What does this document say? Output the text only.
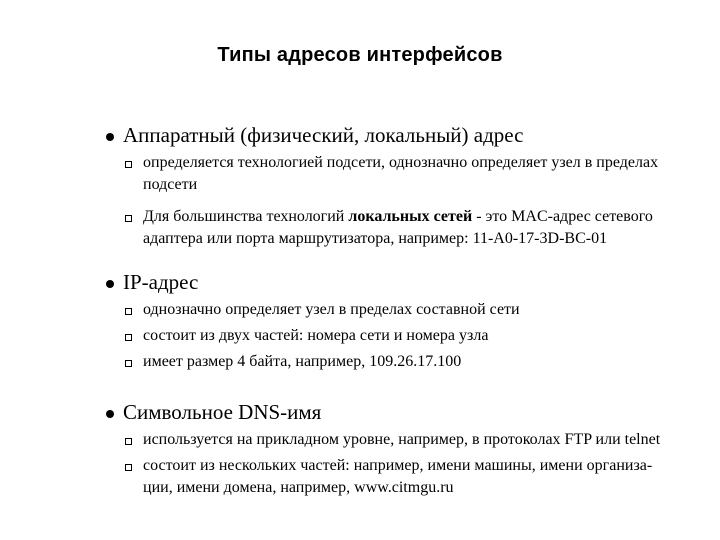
Типы адресов интерфейсов
Аппаратный (физический, локальный) адрес
определяется технологией подсети, однозначно определяет узел в пределах
подсети
Для большинства технологий локальных сетей - это MAC-адрес сетевого
адаптера или порта маршрутизатора, например: 11-A0-17-3D-BC-01
IP-адрес
однозначно определяет узел в пределах составной сети
состоит из двух частей: номера сети и номера узла
имеет размер 4 байта, например, 109.26.17.100
Символьное DNS-имя
используется на прикладном уровне, например, в протоколах FTP или telnet
состоит из нескольких частей: например, имени машины, имени организа-
ции, имени домена, например, www.citmgu.ru
